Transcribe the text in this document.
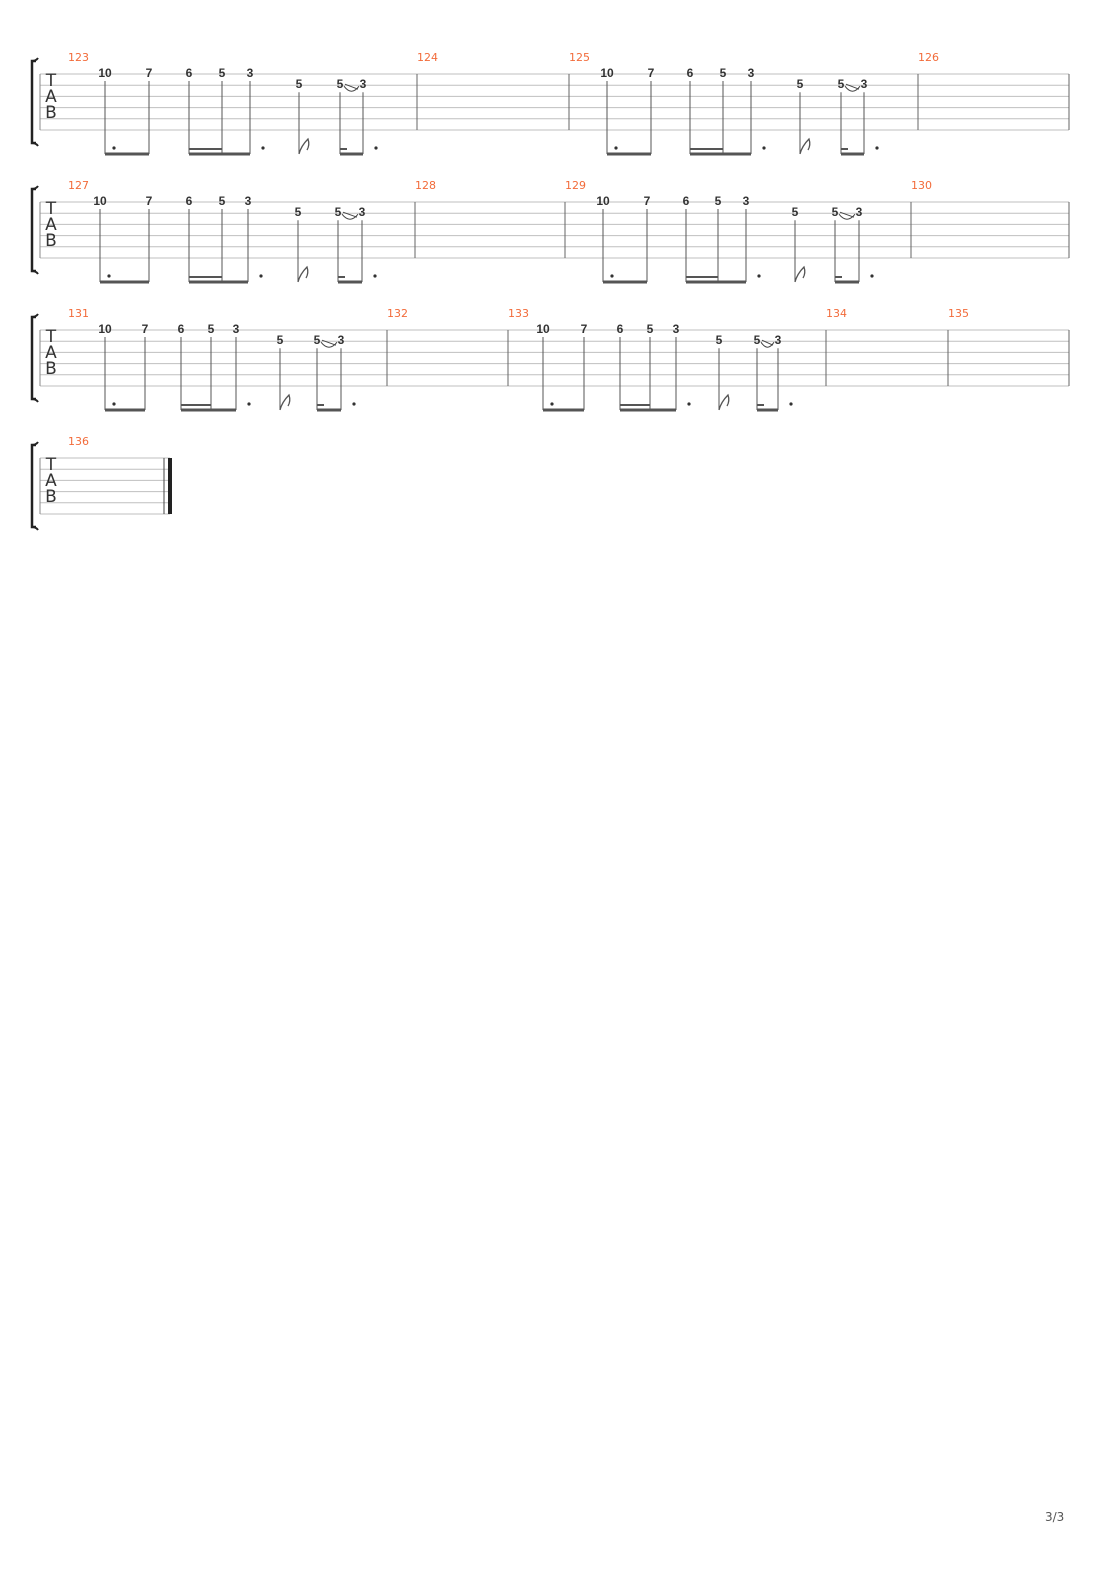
T
A
B
123
10	7	6 5 3
5	5 3
124	125
10	7	6 5 3
5	5 3
126
T
A
B
127
10	7	6 5 3
5	5 3
128	129
10	7	6 5 3
5	5 3
130
T
A
B
131
10 7 6 5 3
5	5 3
132	133
10	7 6 5 3
5	5 3
134	135
T
A
B
136
3/3
